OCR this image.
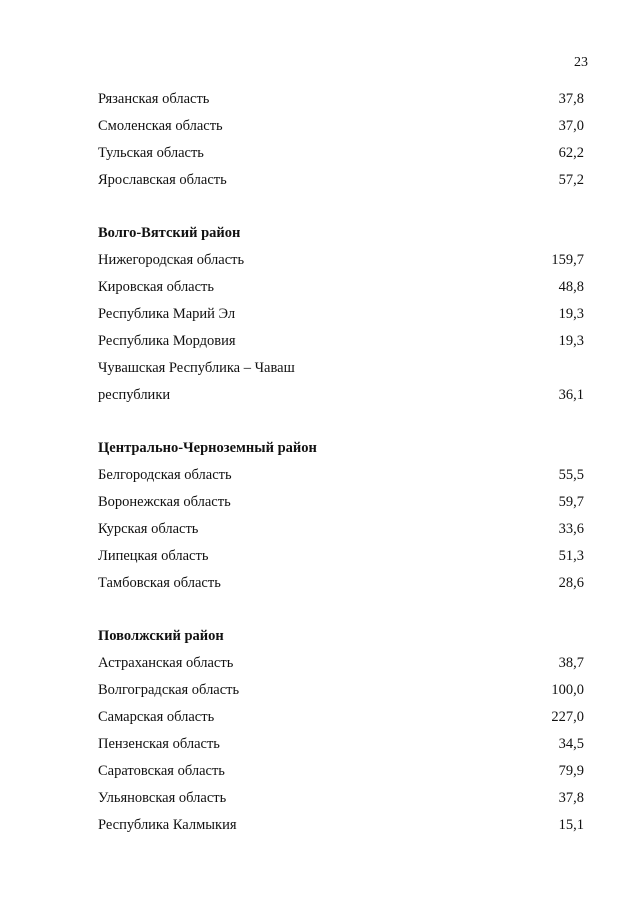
23
Рязанская область	37,8
Смоленская область	37,0
Тульская область	62,2
Ярославская область	57,2
Волго-Вятский район
Нижегородская область	159,7
Кировская область	48,8
Республика Марий Эл	19,3
Республика Мордовия	19,3
Чувашская Республика – Чаваш
республики	36,1
Центрально-Черноземный район
Белгородская область	55,5
Воронежская область	59,7
Курская область	33,6
Липецкая область	51,3
Тамбовская область	28,6
Поволжский район
Астраханская область	38,7
Волгоградская область	100,0
Самарская область	227,0
Пензенская область	34,5
Саратовская область	79,9
Ульяновская область	37,8
Республика Калмыкия	15,1
